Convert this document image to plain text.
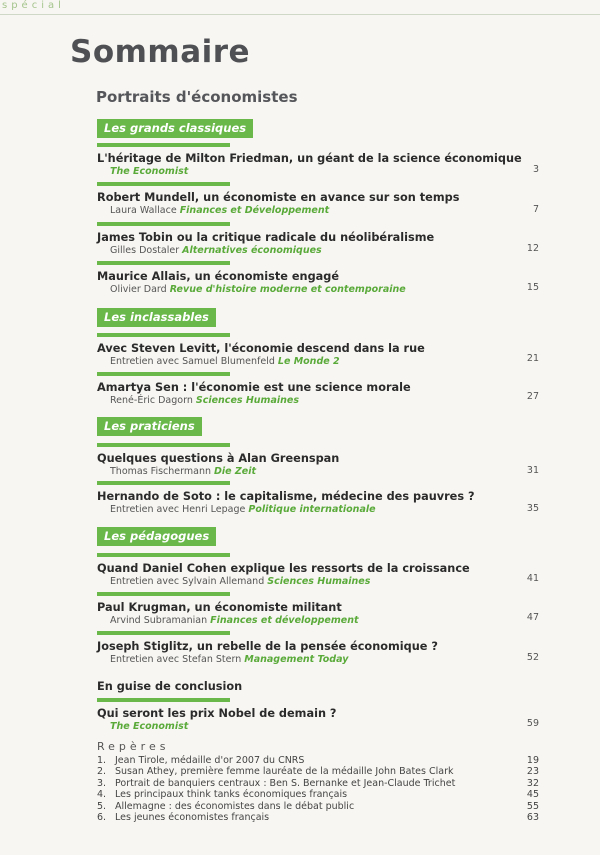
spécial
Sommaire
Portraits d'économistes
Les grands classiques
Les inclassables
Les praticiens
Les pédagogues
L'héritage de Milton Friedman, un géant de la science économique
The Economist	3
Robert Mundell, un économiste en avance sur son temps
Laura Wallace Finances et Développement	7
James Tobin ou la critique radicale du néolibéralisme
Gilles Dostaler Alternatives économiques	12
Maurice Allais, un économiste engagé
Olivier Dard Revue d'histoire moderne et contemporaine	15
Avec Steven Levitt, l'économie descend dans la rue
Entretien avec Samuel Blumenfeld Le Monde 2	21
Amartya Sen : l'économie est une science morale
René-Éric Dagorn Sciences Humaines	27
Quelques questions à Alan Greenspan
Thomas Fischermann Die Zeit	31
Hernando de Soto : le capitalisme, médecine des pauvres ?
Entretien avec Henri Lepage Politique internationale	35
Quand Daniel Cohen explique les ressorts de la croissance
Entretien avec Sylvain Allemand Sciences Humaines	41
Paul Krugman, un économiste militant
Arvind Subramanian Finances et développement	47
Joseph Stiglitz, un rebelle de la pensée économique ?
Entretien avec Stefan Stern Management Today	52
En guise de conclusion
Qui seront les prix Nobel de demain ?
The Economist	59
Repères
1. Jean Tirole, médaille d'or 2007 du CNRS	19
2. Susan Athey, première femme lauréate de la médaille John Bates Clark	23
3. Portrait de banquiers centraux : Ben S. Bernanke et Jean-Claude Trichet	32
4. Les principaux think tanks économiques français	45
5. Allemagne : des économistes dans le débat public	55
6. Les jeunes économistes français	63
